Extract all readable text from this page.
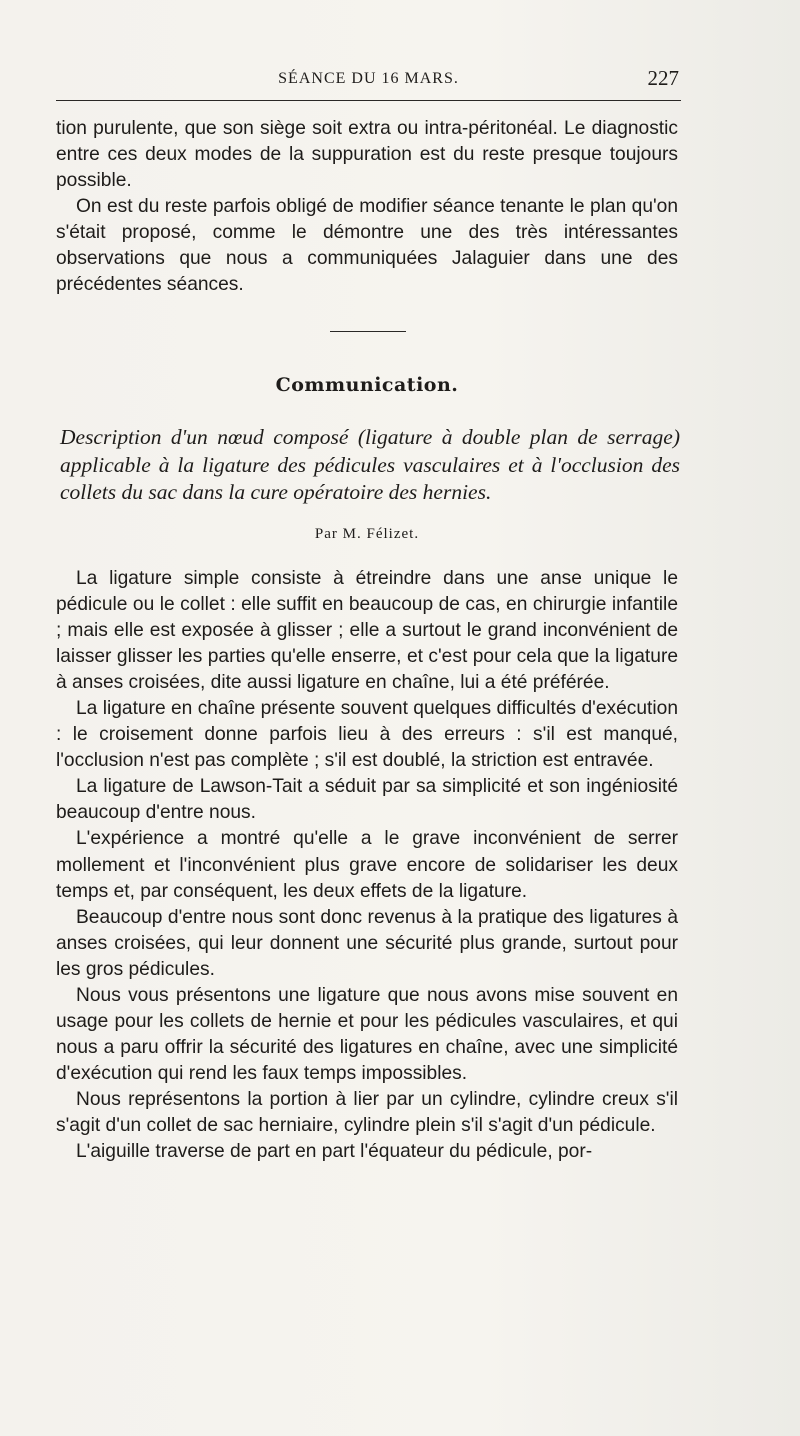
SÉANCE DU 16 MARS.	227

tion purulente, que son siège soit extra ou intra-péritonéal. Le diagnostic entre ces deux modes de la suppuration est du reste presque toujours possible.

On est du reste parfois obligé de modifier séance tenante le plan qu'on s'était proposé, comme le démontre une des très intéressantes observations que nous a communiquées Jalaguier dans une des précédentes séances.

Communication.
Description d'un nœud composé (ligature à double plan de serrage) applicable à la ligature des pédicules vasculaires et à l'occlusion des collets du sac dans la cure opératoire des hernies.
Par M. Félizet.

La ligature simple consiste à étreindre dans une anse unique le pédicule ou le collet : elle suffit en beaucoup de cas, en chirurgie infantile ; mais elle est exposée à glisser ; elle a surtout le grand inconvénient de laisser glisser les parties qu'elle enserre, et c'est pour cela que la ligature à anses croisées, dite aussi ligature en chaîne, lui a été préférée.

La ligature en chaîne présente souvent quelques difficultés d'exécution : le croisement donne parfois lieu à des erreurs : s'il est manqué, l'occlusion n'est pas complète ; s'il est doublé, la striction est entravée.

La ligature de Lawson-Tait a séduit par sa simplicité et son ingéniosité beaucoup d'entre nous.

L'expérience a montré qu'elle a le grave inconvénient de serrer mollement et l'inconvénient plus grave encore de solidariser les deux temps et, par conséquent, les deux effets de la ligature.

Beaucoup d'entre nous sont donc revenus à la pratique des ligatures à anses croisées, qui leur donnent une sécurité plus grande, surtout pour les gros pédicules.

Nous vous présentons une ligature que nous avons mise souvent en usage pour les collets de hernie et pour les pédicules vasculaires, et qui nous a paru offrir la sécurité des ligatures en chaîne, avec une simplicité d'exécution qui rend les faux temps impossibles.

Nous représentons la portion à lier par un cylindre, cylindre creux s'il s'agit d'un collet de sac herniaire, cylindre plein s'il s'agit d'un pédicule.

L'aiguille traverse de part en part l'équateur du pédicule, por-
